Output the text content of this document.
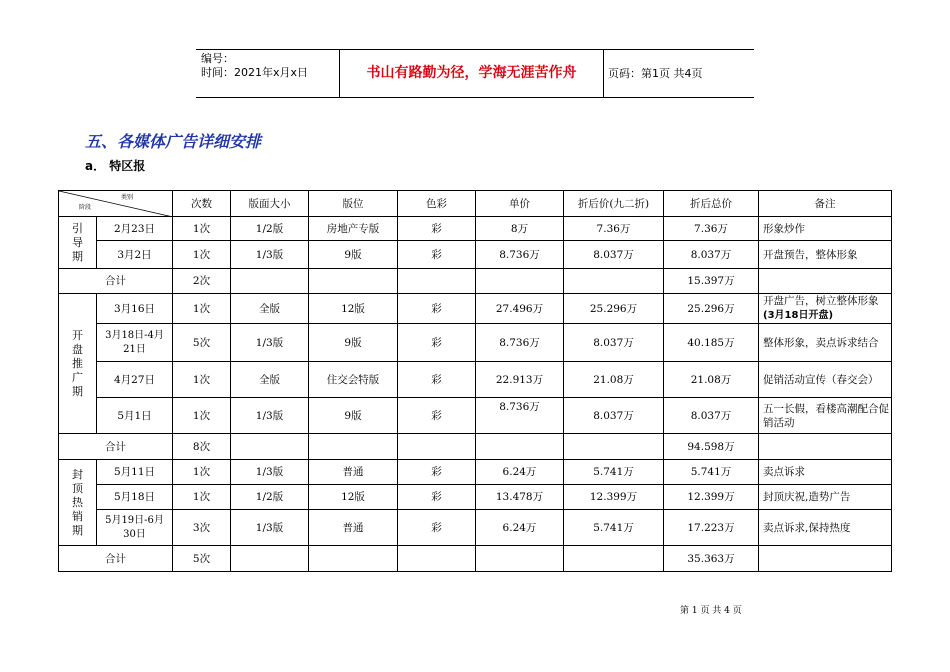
编号：
时间：2021年x月x日	书山有路勤为径，学海无涯苦作舟	页码：第1页 共4页
五、各媒体广告详细安排
a． 特区报
类别
阶段		次数	版面大小	版位	色彩	单价	折后价(九二折)	折后总价	备注
引导期	2月23日	1次	1/2版	房地产专版	彩	8万	7.36万	7.36万	形象炒作
	3月2日	1次	1/3版	9版	彩	8.736万	8.037万	8.037万	开盘预告，整体形象
合计		2次						15.397万	
开盘推广期	3月16日	1次	全版	12版	彩	27.496万	25.296万	25.296万	开盘广告，树立整体形象(3月18日开盘)
	3月18日-4月21日	5次	1/3版	9版	彩	8.736万	8.037万	40.185万	整体形象，卖点诉求结合
	4月27日	1次	全版	住交会特版	彩	22.913万	21.08万	21.08万	促销活动宣传（春交会）
	5月1日	1次	1/3版	9版	彩	8.736万	8.037万	8.037万	五一长假，看楼高潮配合促销活动
合计		8次						94.598万	
封顶热销期	5月11日	1次	1/3版	普通	彩	6.24万	5.741万	5.741万	卖点诉求
	5月18日	1次	1/2版	12版	彩	13.478万	12.399万	12.399万	封顶庆祝,造势广告
	5月19日-6月30日	3次	1/3版	普通	彩	6.24万	5.741万	17.223万	卖点诉求,保持热度
合计		5次						35.363万	
第 1 页 共 4 页
